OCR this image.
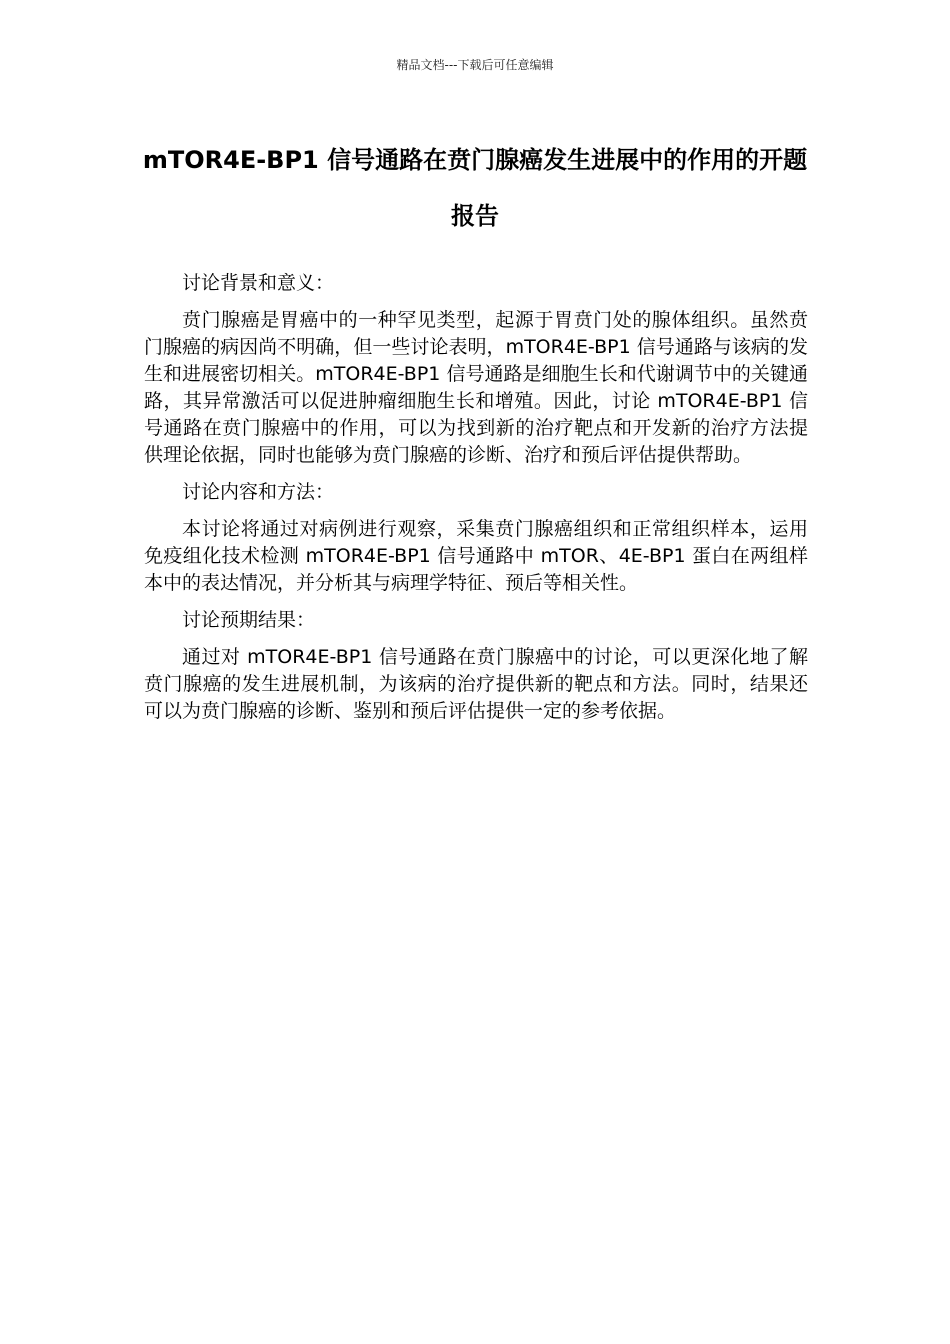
精品文档---下载后可任意编辑
mTOR4E-BP1 信号通路在贲门腺癌发生进展中的作用的开题报告

讨论背景和意义：

贲门腺癌是胃癌中的一种罕见类型，起源于胃贲门处的腺体组织。虽然贲门腺癌的病因尚不明确，但一些讨论表明，mTOR4E-BP1 信号通路与该病的发生和进展密切相关。mTOR4E-BP1 信号通路是细胞生长和代谢调节中的关键通路，其异常激活可以促进肿瘤细胞生长和增殖。因此，讨论 mTOR4E-BP1 信号通路在贲门腺癌中的作用，可以为找到新的治疗靶点和开发新的治疗方法提供理论依据，同时也能够为贲门腺癌的诊断、治疗和预后评估提供帮助。

讨论内容和方法：

本讨论将通过对病例进行观察，采集贲门腺癌组织和正常组织样本，运用免疫组化技术检测 mTOR4E-BP1 信号通路中 mTOR、4E-BP1 蛋白在两组样本中的表达情况，并分析其与病理学特征、预后等相关性。

讨论预期结果：

通过对 mTOR4E-BP1 信号通路在贲门腺癌中的讨论，可以更深化地了解贲门腺癌的发生进展机制，为该病的治疗提供新的靶点和方法。同时，结果还可以为贲门腺癌的诊断、鉴别和预后评估提供一定的参考依据。
